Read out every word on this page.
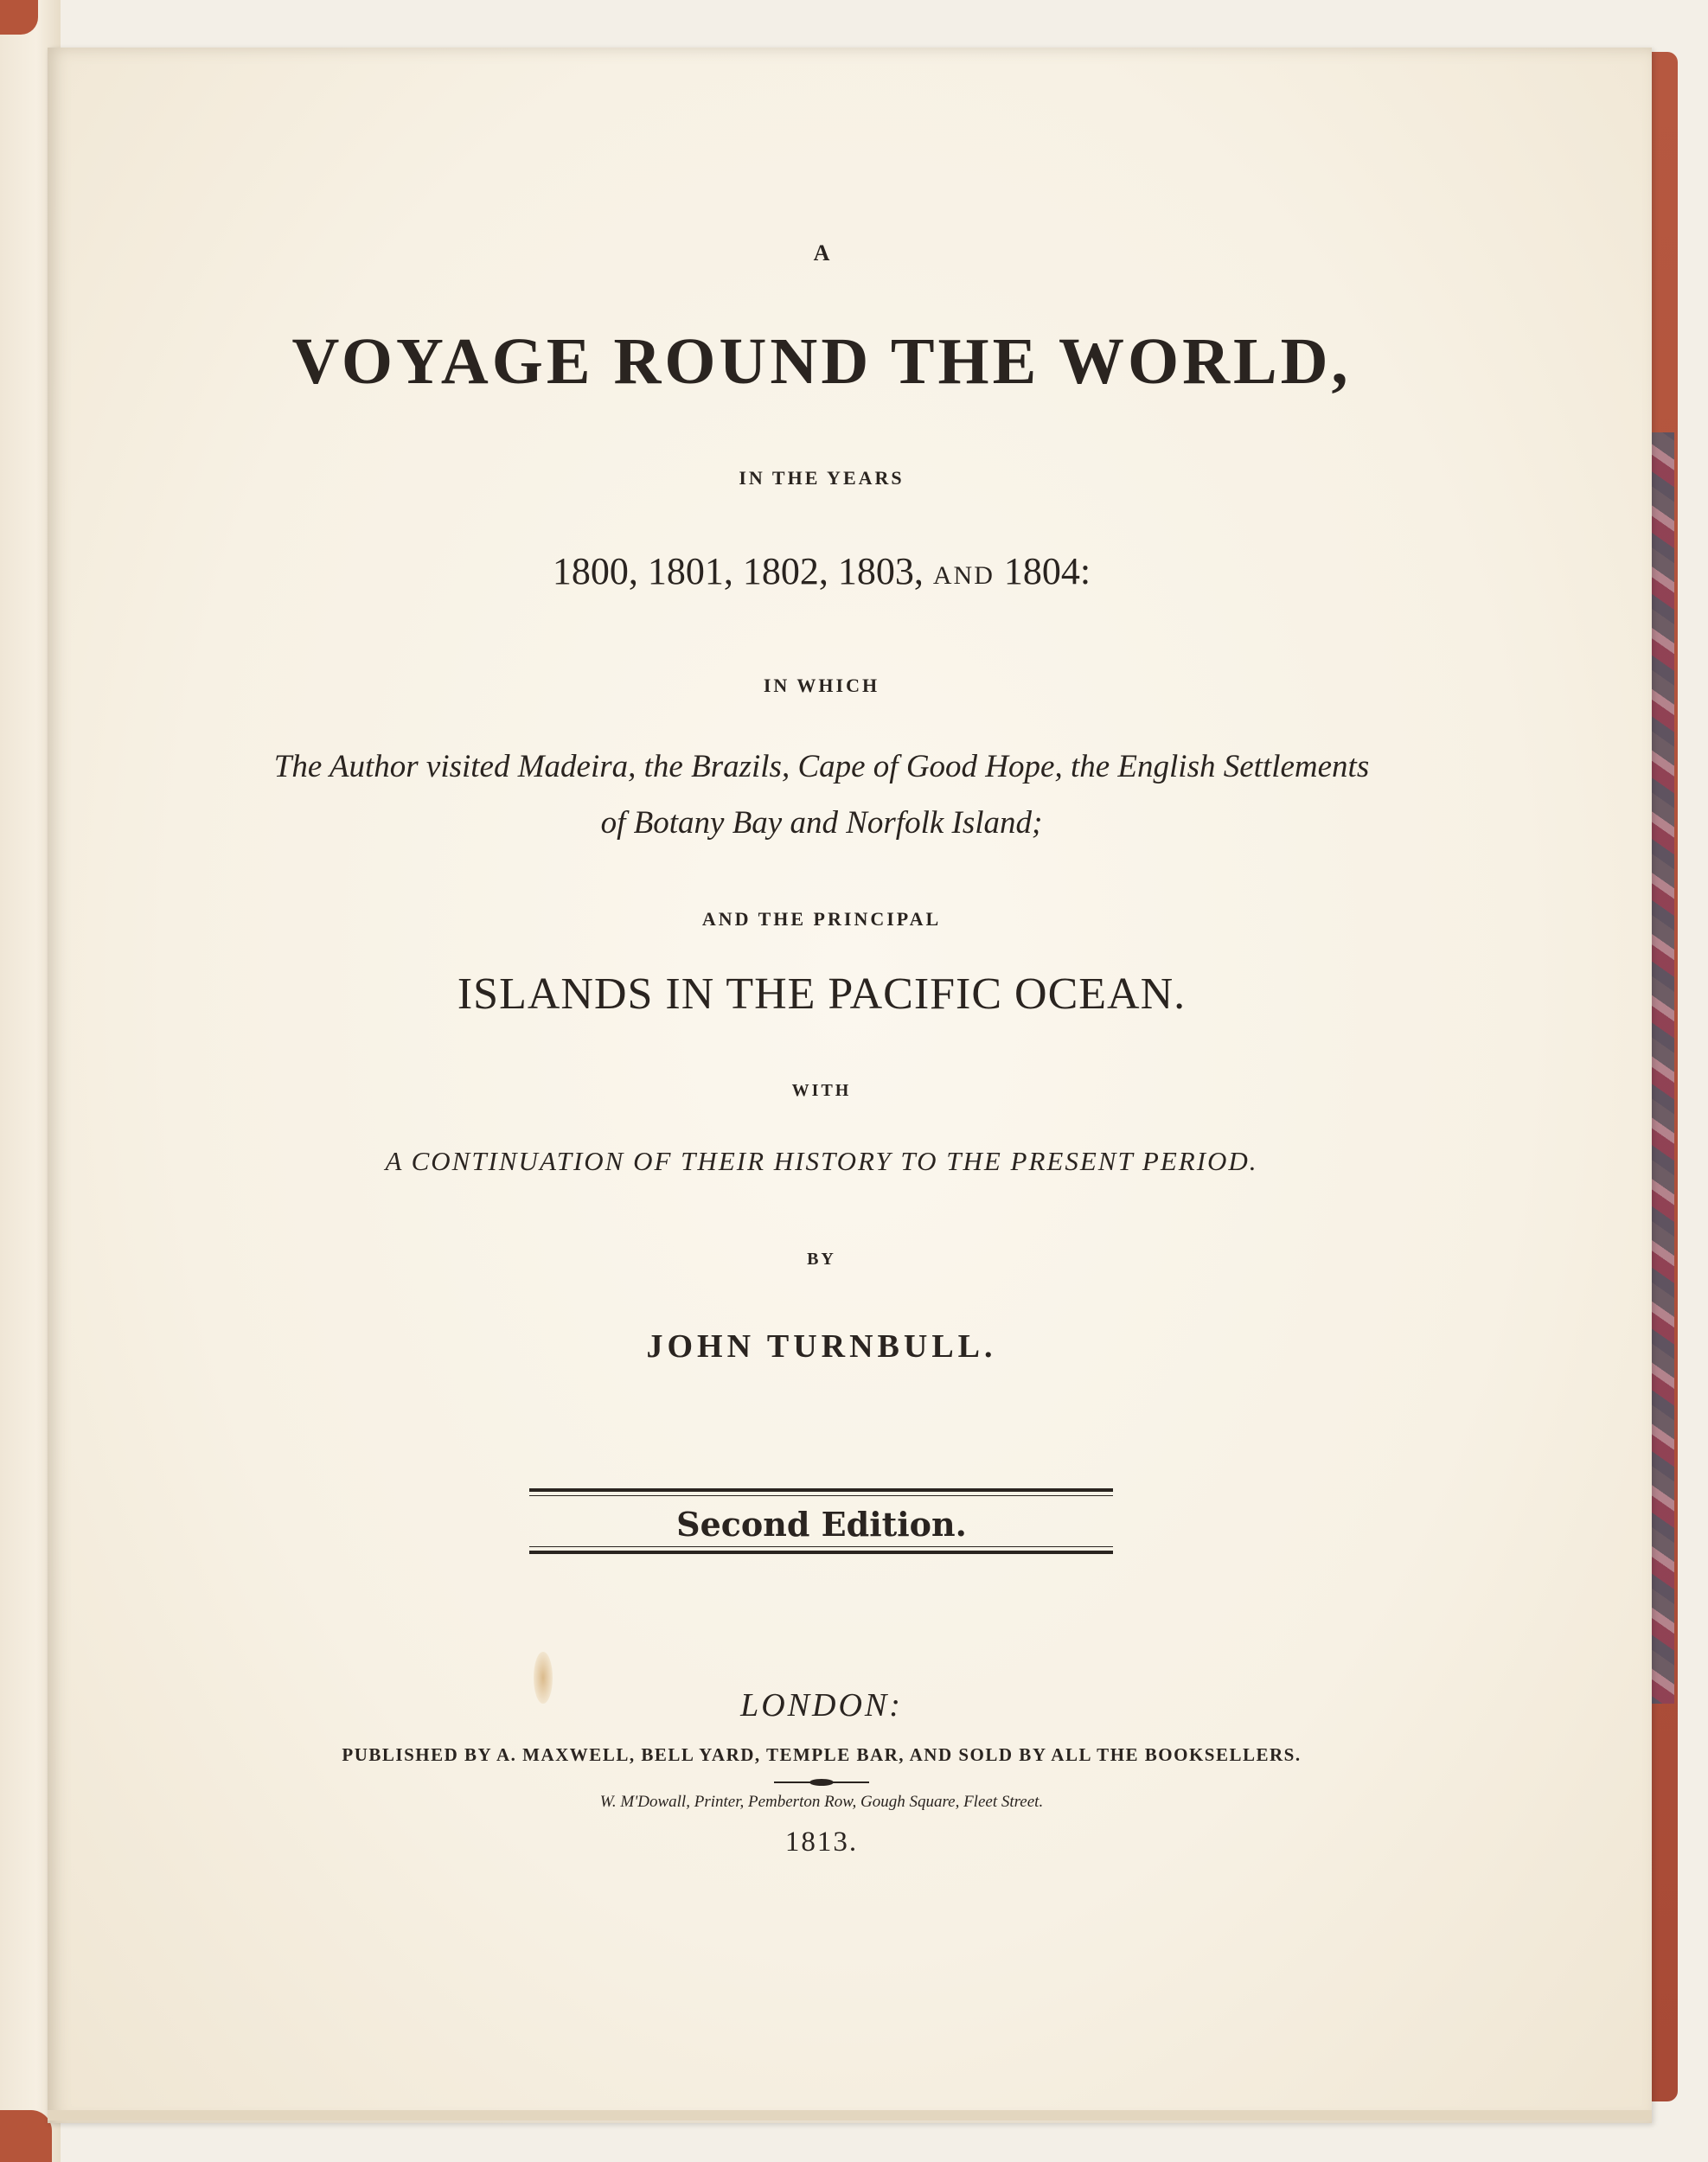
A
VOYAGE ROUND THE WORLD,
IN THE YEARS
1800, 1801, 1802, 1803, AND 1804:
IN WHICH
The Author visited Madeira, the Brazils, Cape of Good Hope, the English Settlements
of Botany Bay and Norfolk Island;
AND THE PRINCIPAL
ISLANDS IN THE PACIFIC OCEAN.
WITH
A CONTINUATION OF THEIR HISTORY TO THE PRESENT PERIOD.
BY
JOHN TURNBULL.
Second Edition.
LONDON:
PUBLISHED BY A. MAXWELL, BELL YARD, TEMPLE BAR, AND SOLD BY ALL THE BOOKSELLERS.
W. M'Dowall, Printer, Pemberton Row, Gough Square, Fleet Street.
1813.
